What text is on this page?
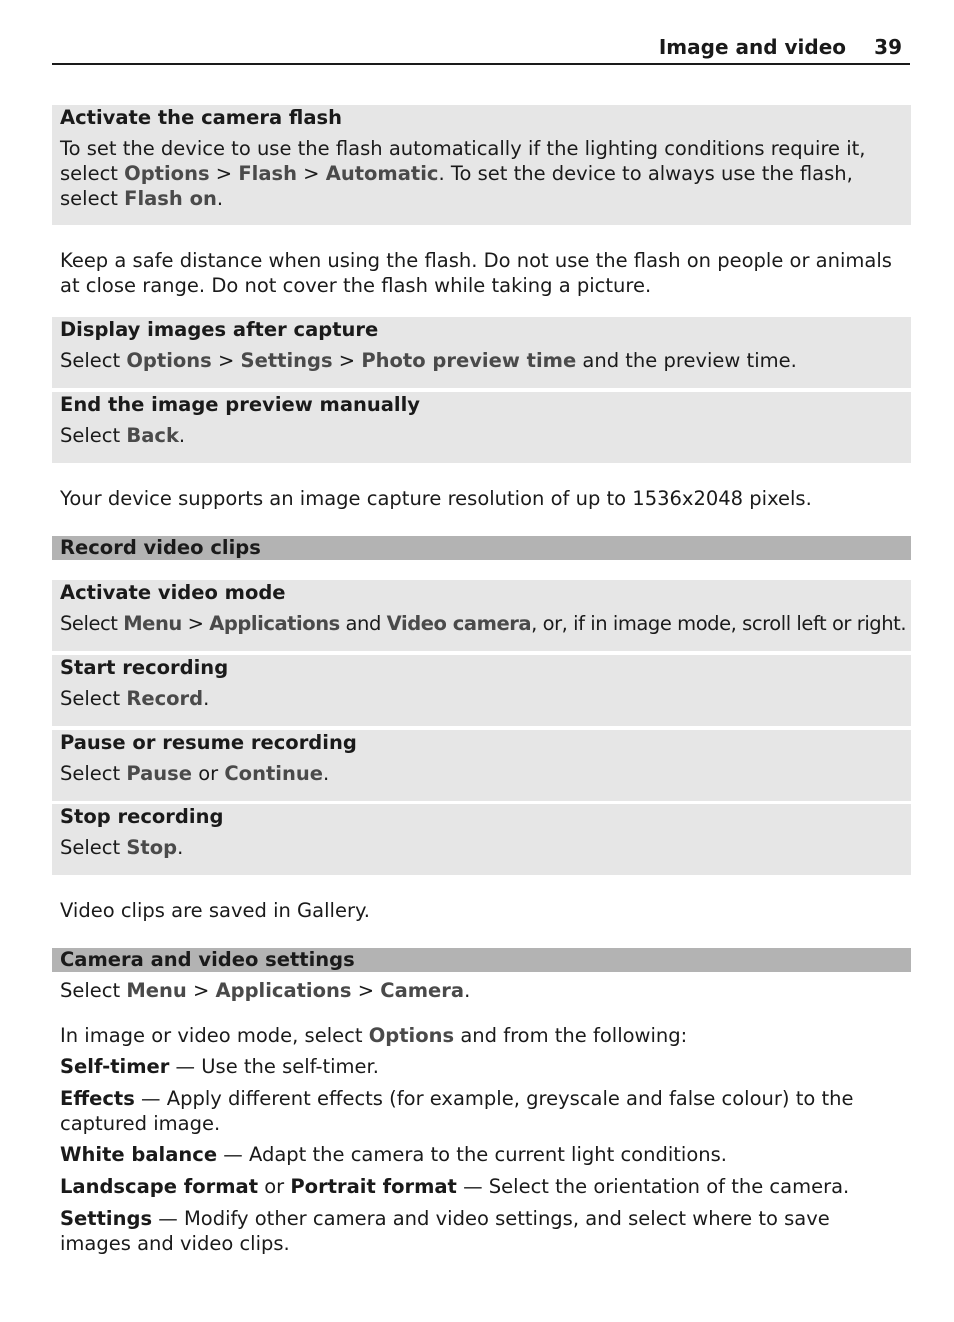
Image and video 39
Activate the camera flash

To set the device to use the flash automatically if the lighting conditions require it, select Options > Flash > Automatic. To set the device to always use the flash, select Flash on.

Keep a safe distance when using the flash. Do not use the flash on people or animals at close range. Do not cover the flash while taking a picture.

Display images after capture

Select Options > Settings > Photo preview time and the preview time.

End the image preview manually

Select Back.

Your device supports an image capture resolution of up to 1536x2048 pixels.

Record video clips
Activate video mode

Select Menu > Applications and Video camera, or, if in image mode, scroll left or right.

Start recording

Select Record.

Pause or resume recording

Select Pause or Continue.

Stop recording

Select Stop.

Video clips are saved in Gallery.

Camera and video settings

Select Menu > Applications > Camera.

In image or video mode, select Options and from the following:

Self-timer — Use the self-timer.

Effects — Apply different effects (for example, greyscale and false colour) to the captured image.

White balance — Adapt the camera to the current light conditions.

Landscape format or Portrait format — Select the orientation of the camera.

Settings — Modify other camera and video settings, and select where to save images and video clips.
